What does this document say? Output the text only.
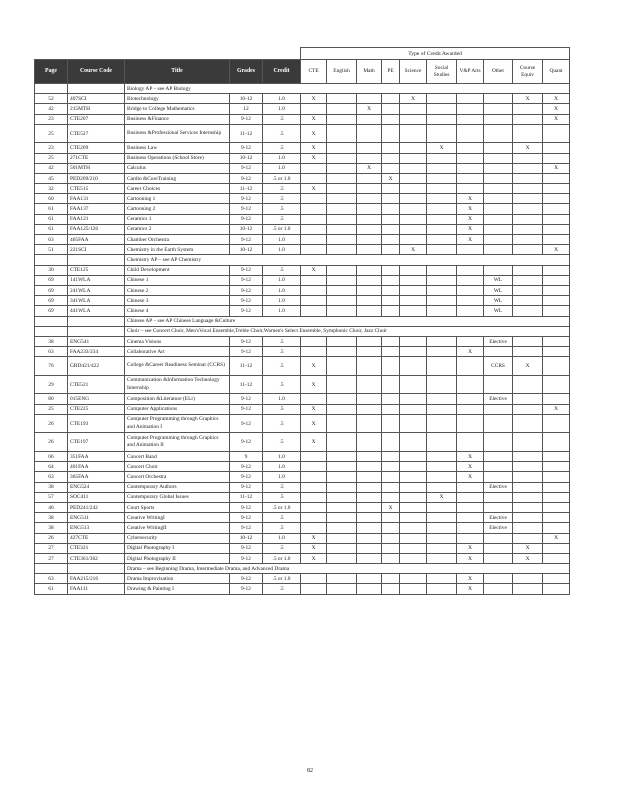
					Type of Credit Awarded									
Page	Course Code	Title	Grades	Credit	CTE	English	Math	PE	Science	Social Studies	V&P Arts	Other	Course Equiv	Quant
		Biology AP – see AP Biology												
52	407SCI	Biotechnology	10-12	1.0	X				X				X	X
42	215MTH	Bridge to College Mathematics	12	1.0			X							X
23	CTE207	Business &Finance	9-12	.5	X									X
25	CTE527	Business &Professional Services Internship	11-12	.5	X									
23	CTE209	Business Law	9-12	.5	X					X			X	
25	271CTE	Business Operations (School Store)	10-12	1.0	X									
42	501MTH	Calculus	9-12	1.0			X							X
45	PED209/210	Cardio &CoreTraining	9-12	.5 or 1.0				X						
32	CTE515	Career Choices	11-12	.5	X									
60	FAA131	Cartooning 1	9-12	.5							X			
61	FAA137	Cartooning 2	9-12	.5							X			
61	FAA121	Ceramics 1	9-12	.5							X			
61	FAA125/126	Ceramics 2	10-12	.5 or 1.0							X			
63	465FAA	Chamber Orchestra	9-12	1.0							X			
51	221SCI	Chemistry in the Earth System	10-12	1.0					X					X
		Chemistry AP – see AP Chemistry												
30	CTE125	Child Development	9-12	.5	X									
69	141WLA	Chinese 1	9-12	1.0								WL		
69	241WLA	Chinese 2	9-12	1.0								WL		
69	341WLA	Chinese 3	9-12	1.0								WL		
69	441WLA	Chinese 4	9-12	1.0								WL		
		Chinese AP – see AP Chinese Language &Culture												
		Choir – see Concert Choir, Men'sVocal Ensemble,Treble Choir,Women's Select Ensemble, Symphonic Choir, Jazz Choir												
38	ENG541	Cinema Visions	9-12	.5								Elective		
63	FAA233/234	Collaborative Art	9-12	.5							X			
76	GRD421/422	College &Career Readiness Seminar (CCRS)	11-12	.5	X							CCRS	X	
29	CTE521	Communication &Information Technology Internship	11-12	.5	X									
80	015ENG	Composition &Literature (ELr)	9-12	1.0								Elective		
25	CTE225	Computer Applications	9-12	.5	X									X
26	CTE193	Computer Programming through Graphics and Animation I	9-12	.5	X									
26	CTE197	Computer Programming through Graphics and Animation II	9-12	.5	X									
66	351FAA	Concert Band	9	1.0							X			
64	401FAA	Concert Choir	9-12	1.0							X			
63	365FAA	Concert Orchestra	9-12	1.0							X			
38	ENG524	Contemporary Authors	9-12	.5								Elective		
57	SOC411	Contemporary Global Issues	11-12	.5						X				
46	PED241/242	Court Sports	9-12	.5 or 1.0				X						
38	ENG511	Creative WritingI	9-12	.5								Elective		
38	ENG513	Creative WritingII	9-12	.5								Elective		
26	427CTE	Cybersecurity	10-12	1.0	X									X
27	CTE321	Digital Photography I	9-12	.5	X						X		X	
27	CTE361/362	Digital Photography II	9-12	.5 or 1.0	X						X		X	
		Drama – see Beginning Drama, Intermediate Drama, and Advanced Drama												
63	FAA215/216	Drama Improvisation	9-12	.5 or 1.0							X			
61	FAA111	Drawing & Painting I	9-12	.5							X			
82
